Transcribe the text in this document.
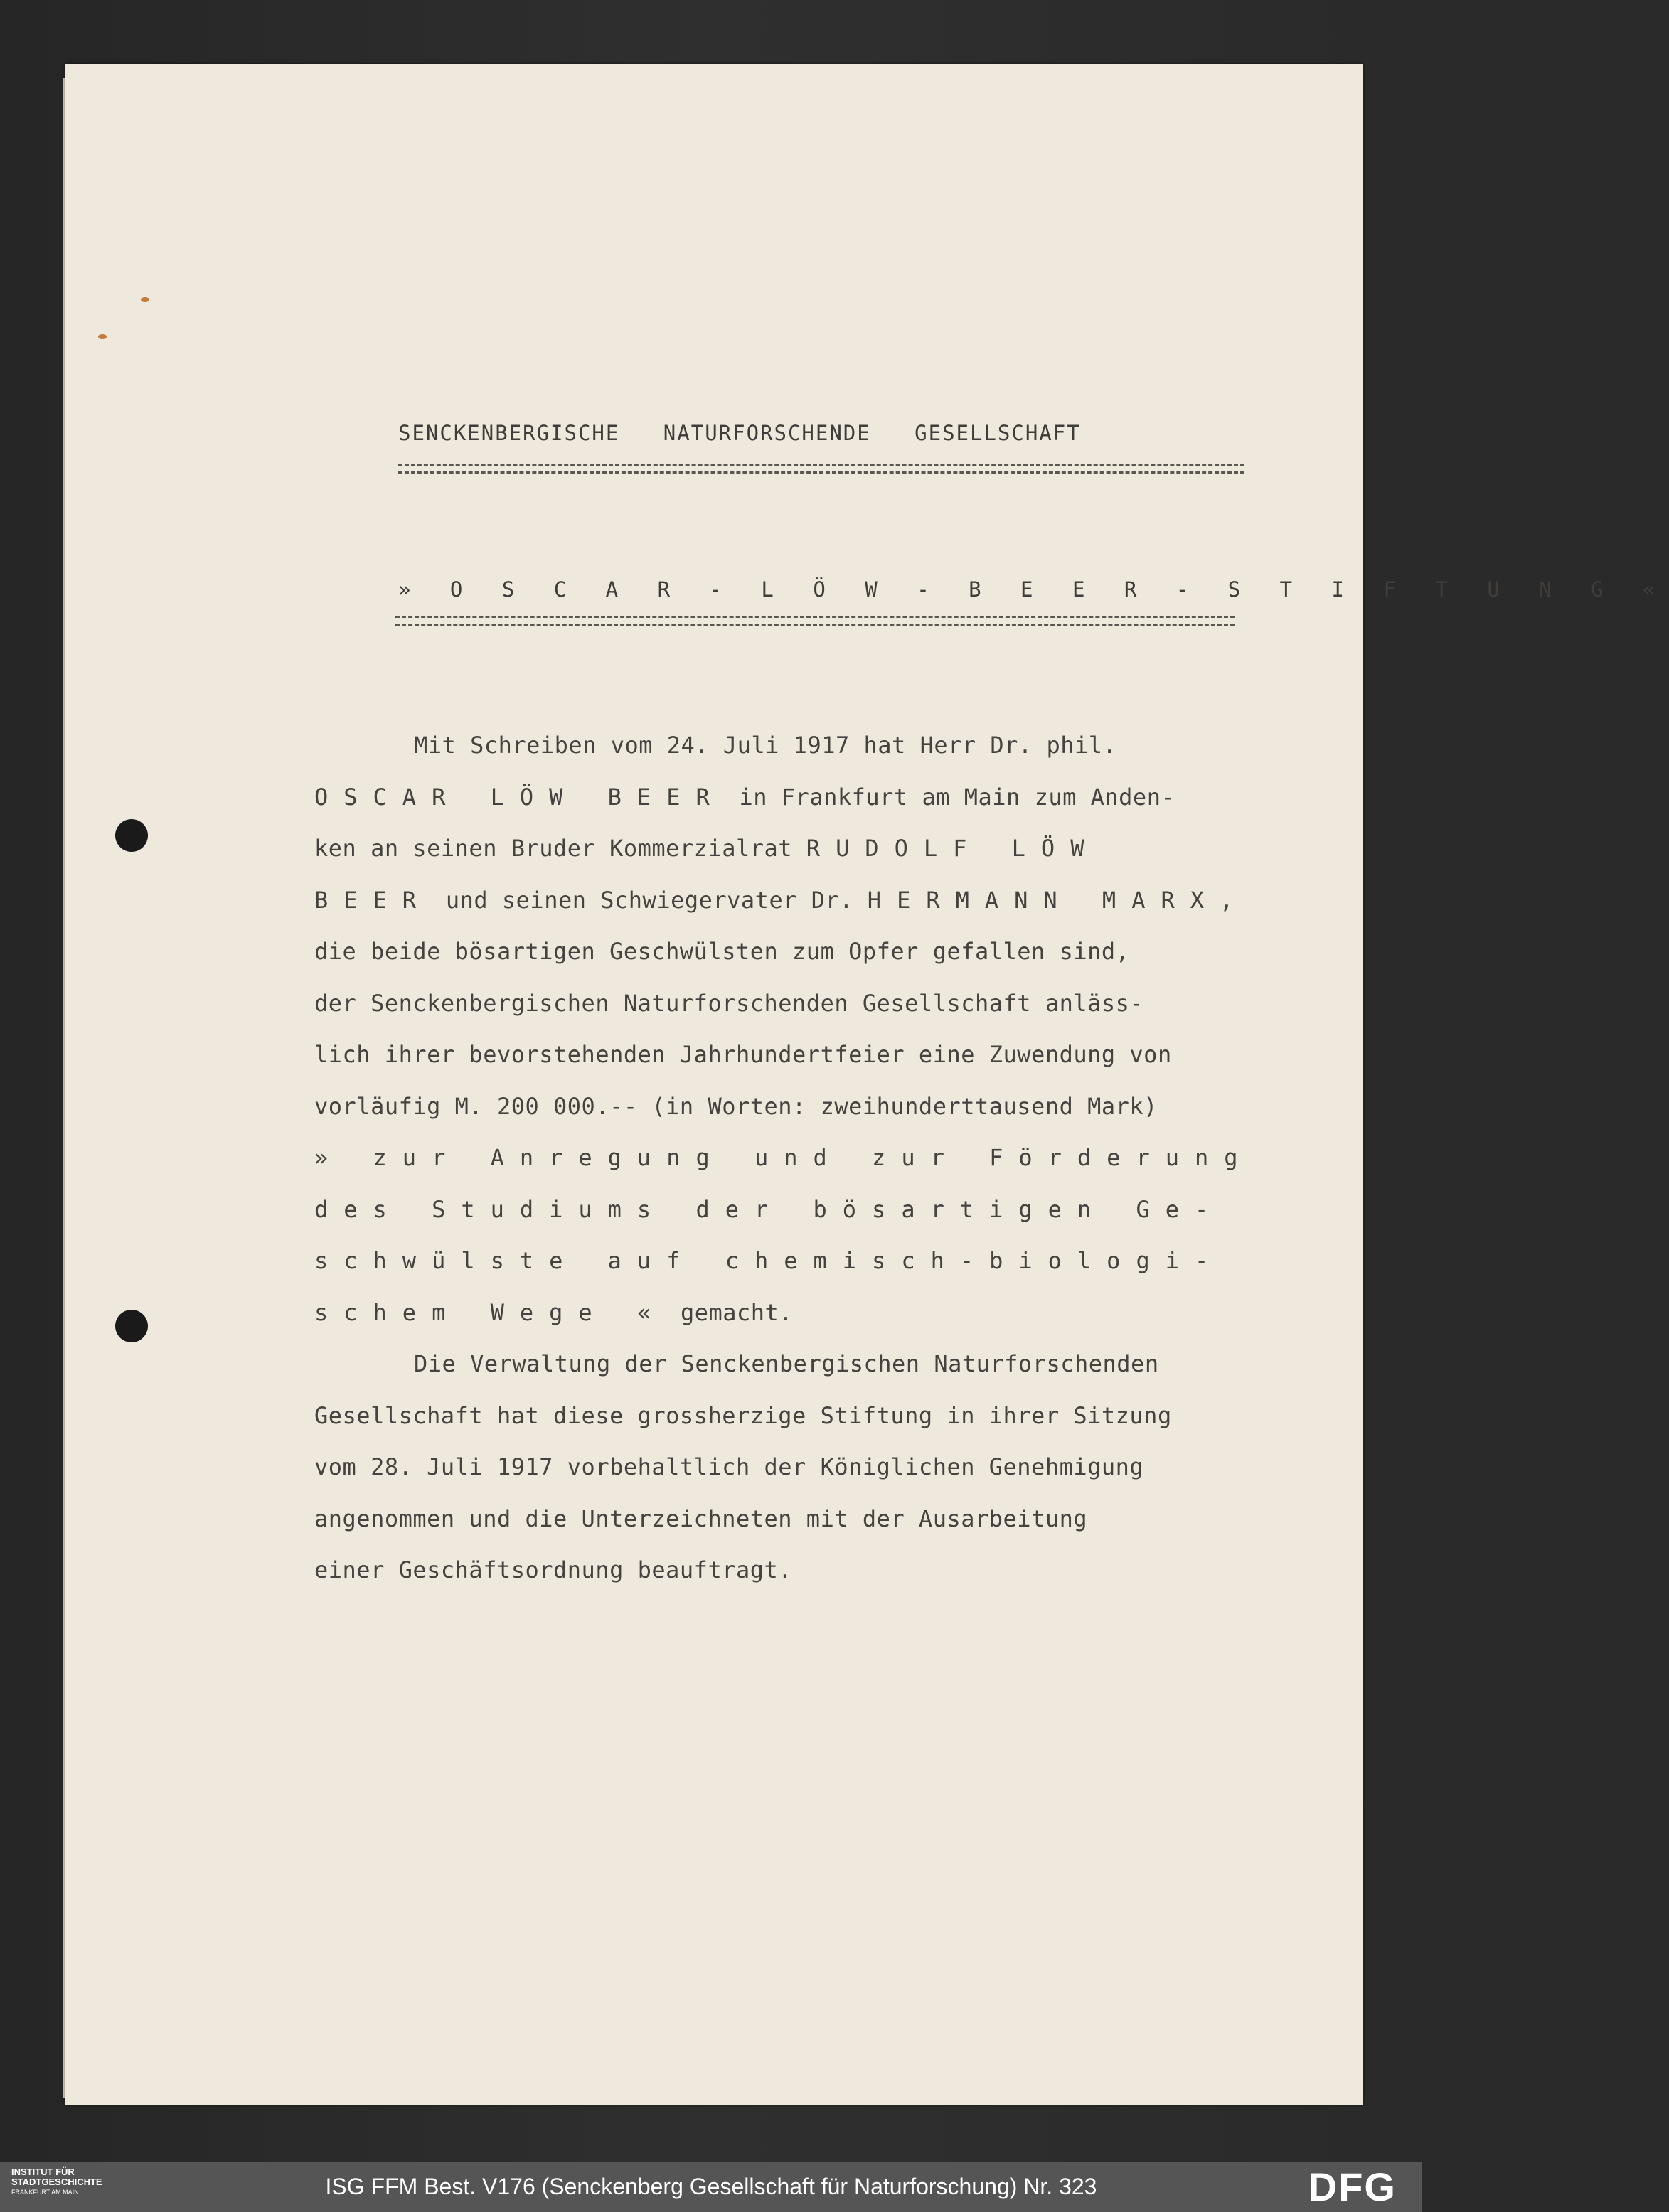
SENCKENBERGISCHE NATURFORSCHENDE GESELLSCHAFT
» O S C A R - L Ö W - B E E R - S T I F T U N G «
Mit Schreiben vom 24. Juli 1917 hat Herr Dr. phil.
OSCAR LÖW BEER in Frankfurt am Main zum Anden-
ken an seinen Bruder Kommerzialrat RUDOLF LÖW
BEER und seinen Schwiegervater Dr. HERMANN MARX,
die beide bösartigen Geschwülsten zum Opfer gefallen sind,
der Senckenbergischen Naturforschenden Gesellschaft anläss-
lich ihrer bevorstehenden Jahrhundertfeier eine Zuwendung von
vorläufig M. 200 000.-- (in Worten: zweihunderttausend Mark)
» zur Anregung und zur Förderung
des Studiums der bösartigen Ge-
schwülste auf chemisch-biologi-
schem Wege « gemacht.
Die Verwaltung der Senckenbergischen Naturforschenden
Gesellschaft hat diese grossherzige Stiftung in ihrer Sitzung
vom 28. Juli 1917 vorbehaltlich der Königlichen Genehmigung
angenommen und die Unterzeichneten mit der Ausarbeitung
einer Geschäftsordnung beauftragt.
ISG FFM Best. V176 (Senckenberg Gesellschaft für Naturforschung) Nr. 323
INSTITUT FÜR
STADTGESCHICHTE

FRANKFURT AM MAIN	DFG
